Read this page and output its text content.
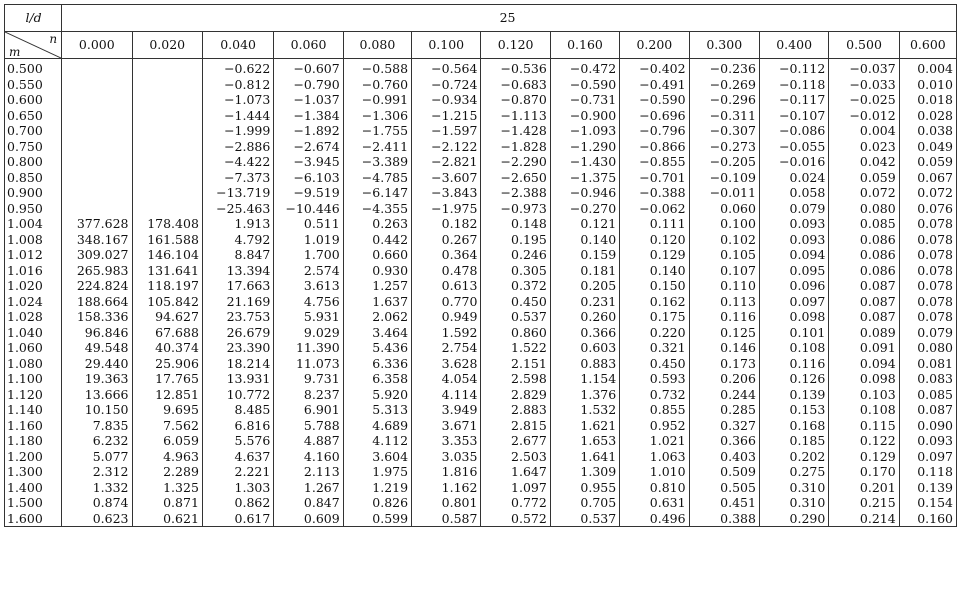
l/d	25												

n
m	0.000	0.020	0.040	0.060	0.080	0.100	0.120	0.160	0.200	0.300	0.400	0.500	0.600
0.500			−0.622	−0.607	−0.588	−0.564	−0.536	−0.472	−0.402	−0.236	−0.112	−0.037	0.004
0.550			−0.812	−0.790	−0.760	−0.724	−0.683	−0.590	−0.491	−0.269	−0.118	−0.033	0.010
0.600			−1.073	−1.037	−0.991	−0.934	−0.870	−0.731	−0.590	−0.296	−0.117	−0.025	0.018
0.650			−1.444	−1.384	−1.306	−1.215	−1.113	−0.900	−0.696	−0.311	−0.107	−0.012	0.028
0.700			−1.999	−1.892	−1.755	−1.597	−1.428	−1.093	−0.796	−0.307	−0.086	0.004	0.038
0.750			−2.886	−2.674	−2.411	−2.122	−1.828	−1.290	−0.866	−0.273	−0.055	0.023	0.049
0.800			−4.422	−3.945	−3.389	−2.821	−2.290	−1.430	−0.855	−0.205	−0.016	0.042	0.059
0.850			−7.373	−6.103	−4.785	−3.607	−2.650	−1.375	−0.701	−0.109	0.024	0.059	0.067
0.900			−13.719	−9.519	−6.147	−3.843	−2.388	−0.946	−0.388	−0.011	0.058	0.072	0.072
0.950			−25.463	−10.446	−4.355	−1.975	−0.973	−0.270	−0.062	0.060	0.079	0.080	0.076
1.004	377.628	178.408	1.913	0.511	0.263	0.182	0.148	0.121	0.111	0.100	0.093	0.085	0.078
1.008	348.167	161.588	4.792	1.019	0.442	0.267	0.195	0.140	0.120	0.102	0.093	0.086	0.078
1.012	309.027	146.104	8.847	1.700	0.660	0.364	0.246	0.159	0.129	0.105	0.094	0.086	0.078
1.016	265.983	131.641	13.394	2.574	0.930	0.478	0.305	0.181	0.140	0.107	0.095	0.086	0.078
1.020	224.824	118.197	17.663	3.613	1.257	0.613	0.372	0.205	0.150	0.110	0.096	0.087	0.078
1.024	188.664	105.842	21.169	4.756	1.637	0.770	0.450	0.231	0.162	0.113	0.097	0.087	0.078
1.028	158.336	94.627	23.753	5.931	2.062	0.949	0.537	0.260	0.175	0.116	0.098	0.087	0.078
1.040	96.846	67.688	26.679	9.029	3.464	1.592	0.860	0.366	0.220	0.125	0.101	0.089	0.079
1.060	49.548	40.374	23.390	11.390	5.436	2.754	1.522	0.603	0.321	0.146	0.108	0.091	0.080
1.080	29.440	25.906	18.214	11.073	6.336	3.628	2.151	0.883	0.450	0.173	0.116	0.094	0.081
1.100	19.363	17.765	13.931	9.731	6.358	4.054	2.598	1.154	0.593	0.206	0.126	0.098	0.083
1.120	13.666	12.851	10.772	8.237	5.920	4.114	2.829	1.376	0.732	0.244	0.139	0.103	0.085
1.140	10.150	9.695	8.485	6.901	5.313	3.949	2.883	1.532	0.855	0.285	0.153	0.108	0.087
1.160	7.835	7.562	6.816	5.788	4.689	3.671	2.815	1.621	0.952	0.327	0.168	0.115	0.090
1.180	6.232	6.059	5.576	4.887	4.112	3.353	2.677	1.653	1.021	0.366	0.185	0.122	0.093
1.200	5.077	4.963	4.637	4.160	3.604	3.035	2.503	1.641	1.063	0.403	0.202	0.129	0.097
1.300	2.312	2.289	2.221	2.113	1.975	1.816	1.647	1.309	1.010	0.509	0.275	0.170	0.118
1.400	1.332	1.325	1.303	1.267	1.219	1.162	1.097	0.955	0.810	0.505	0.310	0.201	0.139
1.500	0.874	0.871	0.862	0.847	0.826	0.801	0.772	0.705	0.631	0.451	0.310	0.215	0.154
1.600	0.623	0.621	0.617	0.609	0.599	0.587	0.572	0.537	0.496	0.388	0.290	0.214	0.160
